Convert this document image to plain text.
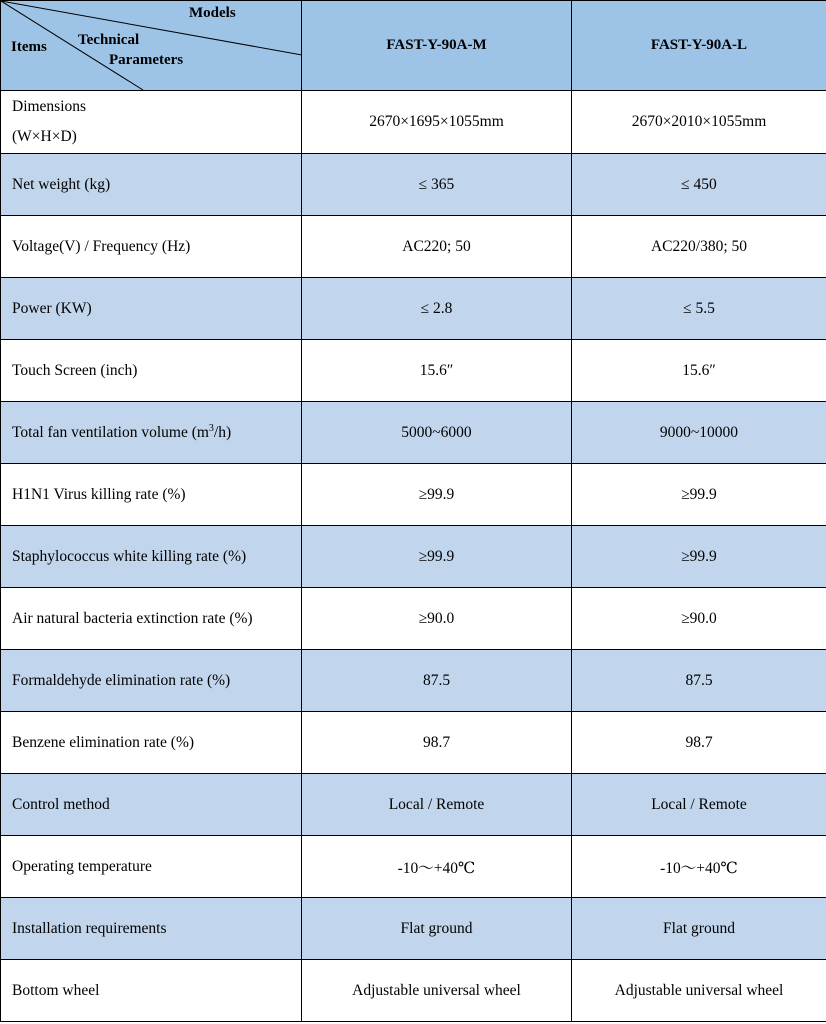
Models
Technical
Items
Parameters	FAST-Y-90A-M	FAST-Y-90A-L

Dimensions
(W×H×D)	2670×1695×1055mm	2670×2010×1055mm
Net weight (kg)	≤ 365	≤ 450
Voltage(V) / Frequency (Hz)	AC220; 50	AC220/380; 50
Power (KW)	≤ 2.8	≤ 5.5
Touch Screen (inch)	15.6″	15.6″
Total fan ventilation volume $(m^3/h)$	5000~6000	9000~10000
H1N1 Virus killing rate (%)	≥99.9	≥99.9
Staphylococcus white killing rate (%)	≥99.9	≥99.9
Air natural bacteria extinction rate (%)	≥90.0	≥90.0
Formaldehyde elimination rate (%)	87.5	87.5
Benzene elimination rate (%)	98.7	98.7
Control method	Local / Remote	Local / Remote
Operating temperature	-10～+40℃	-10～+40℃
Installation requirements	Flat ground	Flat ground
Bottom wheel	Adjustable universal wheel	Adjustable universal wheel
